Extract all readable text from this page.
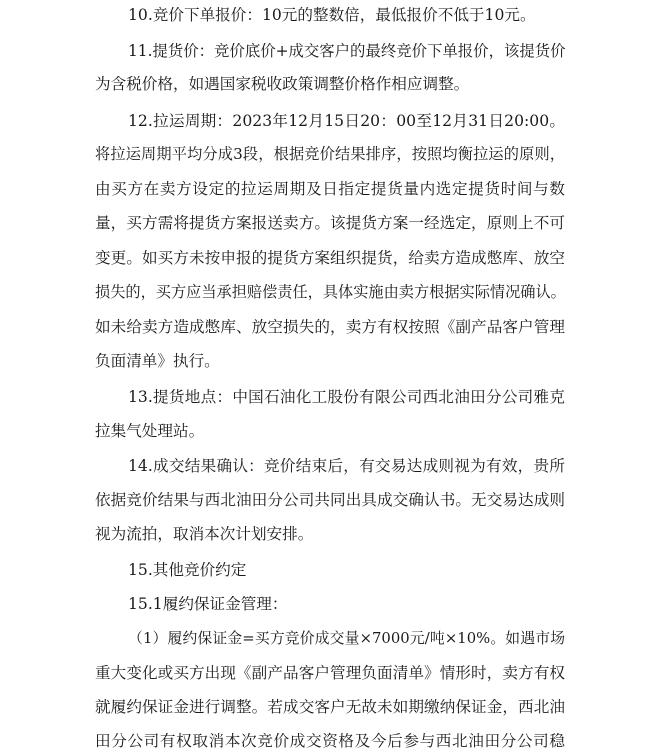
10.竞价下单报价：10元的整数倍，最低报价不低于10元。

11.提货价：竞价底价+成交客户的最终竞价下单报价，该提货价

为含税价格，如遇国家税收政策调整价格作相应调整。

12.拉运周期：2023年12月15日20：00至12月31日20:00。

将拉运周期平均分成3段，根据竞价结果排序，按照均衡拉运的原则，

由买方在卖方设定的拉运周期及日指定提货量内选定提货时间与数

量，买方需将提货方案报送卖方。该提货方案一经选定，原则上不可

变更。如买方未按申报的提货方案组织提货，给卖方造成憋库、放空

损失的，买方应当承担赔偿责任，具体实施由卖方根据实际情况确认。

如未给卖方造成憋库、放空损失的，卖方有权按照《副产品客户管理

负面清单》执行。

13.提货地点：中国石油化工股份有限公司西北油田分公司雅克

拉集气处理站。

14.成交结果确认：竞价结束后，有交易达成则视为有效，贵所

依据竞价结果与西北油田分公司共同出具成交确认书。无交易达成则

视为流拍，取消本次计划安排。

15.其他竞价约定

15.1履约保证金管理：

（1）履约保证金=买方竞价成交量×7000元/吨×10%。如遇市场

重大变化或买方出现《副产品客户管理负面清单》情形时，卖方有权

就履约保证金进行调整。若成交客户无故未如期缴纳保证金，西北油

田分公司有权取消本次竞价成交资格及今后参与西北油田分公司稳
